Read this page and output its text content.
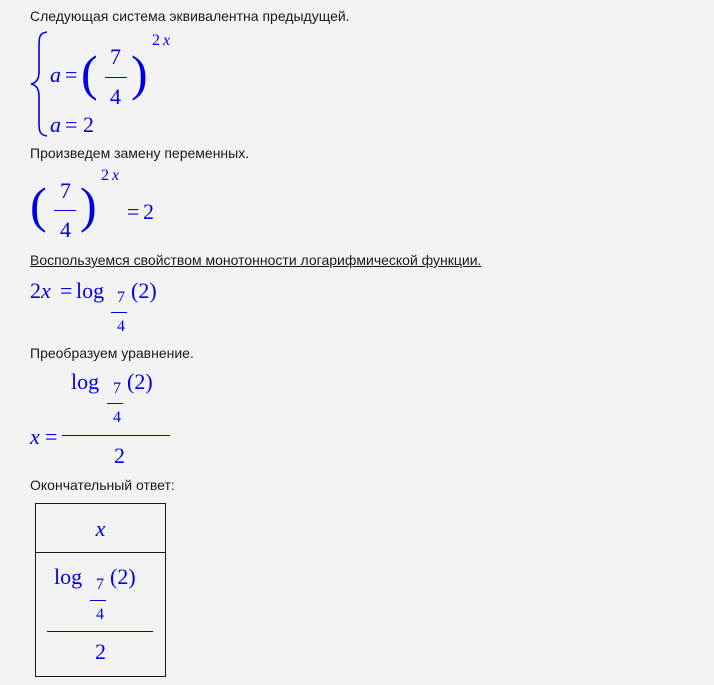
Следующая система эквивалентна предыдущей.
a = ( 7
4 )
2 x
a = 2
Произведем замену переменных.
( 7
4 )
2 x
= 2
Воспользуемся свойством монотонности логарифмической функции.
2x = log 7
4
(2)
Преобразуем уравнение.
log 7
4
(2)
x =
2
Окончательный ответ:
x
log 7
4
(2)
2
